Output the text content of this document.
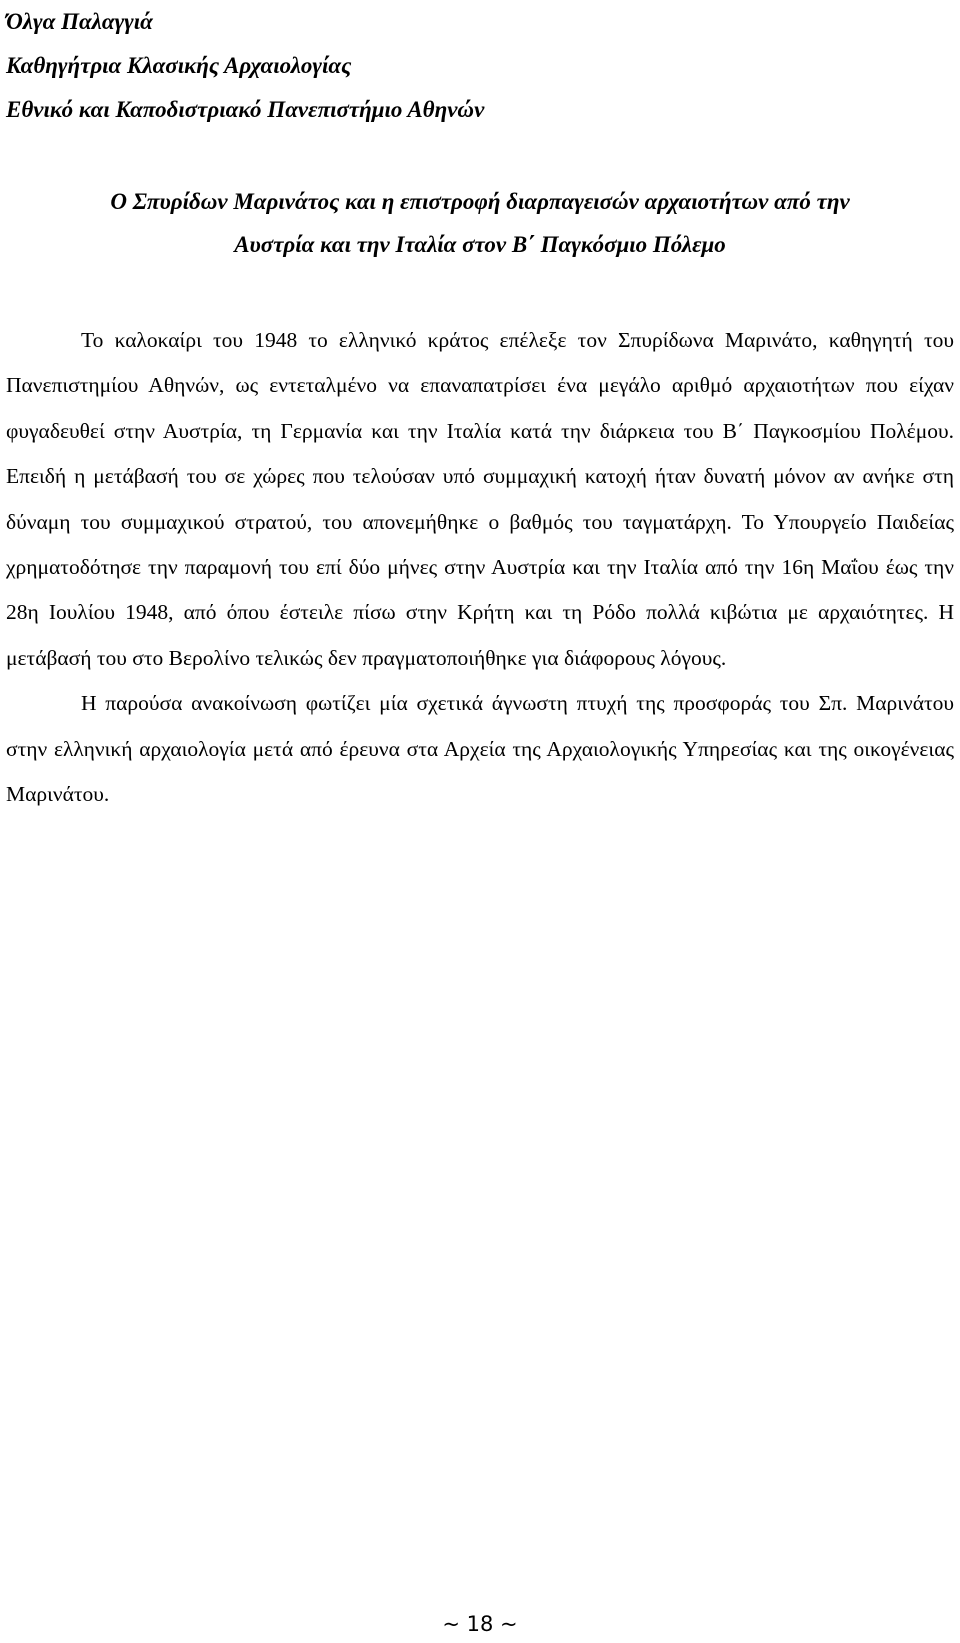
Όλγα Παλαγγιά
Καθηγήτρια Κλασικής Αρχαιολογίας
Εθνικό και Καποδιστριακό Πανεπιστήμιο Αθηνών
Ο Σπυρίδων Μαρινάτος και η επιστροφή διαρπαγεισών αρχαιοτήτων από την
Αυστρία και την Ιταλία στον Β΄ Παγκόσμιο Πόλεμο

Το καλοκαίρι του 1948 το ελληνικό κράτος επέλεξε τον Σπυρίδωνα Μαρινάτο, καθηγητή του Πανεπιστημίου Αθηνών, ως εντεταλμένο να επαναπατρίσει ένα μεγάλο αριθμό αρχαιοτήτων που είχαν φυγαδευθεί στην Αυστρία, τη Γερμανία και την Ιταλία κατά την διάρκεια του Β΄ Παγκοσμίου Πολέμου. Επειδή η μετάβασή του σε χώρες που τελούσαν υπό συμμαχική κατοχή ήταν δυνατή μόνον αν ανήκε στη δύναμη του συμμαχικού στρατού, του απονεμήθηκε ο βαθμός του ταγματάρχη. Το Υπουργείο Παιδείας χρηματοδότησε την παραμονή του επί δύο μήνες στην Αυστρία και την Ιταλία από την 16η Μαΐου έως την 28η Ιουλίου 1948, από όπου έστειλε πίσω στην Κρήτη και τη Ρόδο πολλά κιβώτια με αρχαιότητες. Η μετάβασή του στο Βερολίνο τελικώς δεν πραγματοποιήθηκε για διάφορους λόγους.

Η παρούσα ανακοίνωση φωτίζει μία σχετικά άγνωστη πτυχή της προσφοράς του Σπ. Μαρινάτου στην ελληνική αρχαιολογία μετά από έρευνα στα Αρχεία της Αρχαιολογικής Υπηρεσίας και της οικογένειας Μαρινάτου.

~ 18 ~
